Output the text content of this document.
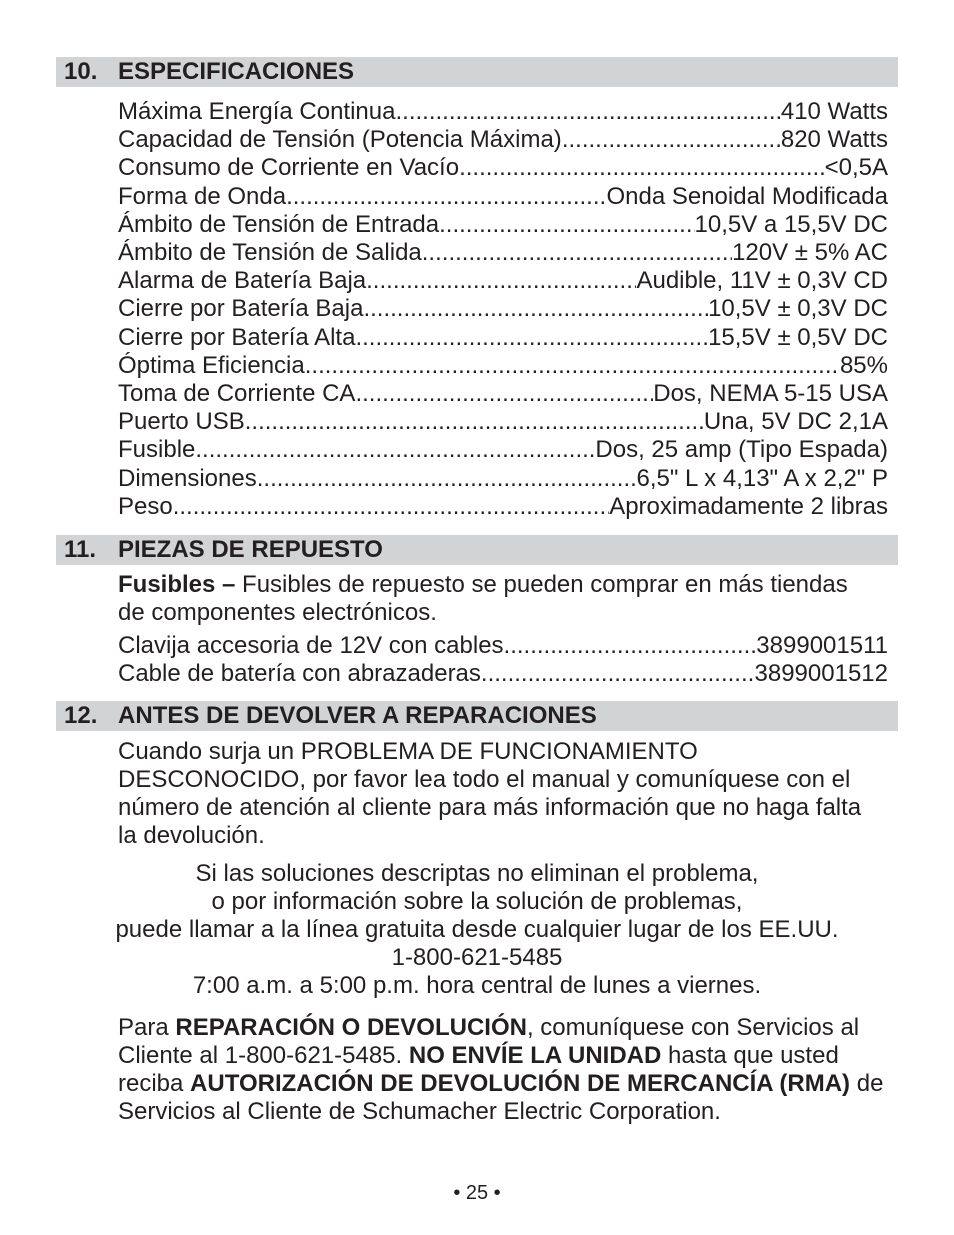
10. ESPECIFICACIONES
Máxima Energía Continua .....	410 Watts
Capacidad de Tensión (Potencia Máxima) .....	820 Watts
Consumo de Corriente en Vacío .....	<0,5A
Forma de Onda .....	Onda Senoidal Modificada
Ámbito de Tensión de Entrada .....	10,5V a 15,5V DC
Ámbito de Tensión de Salida .....	120V ± 5% AC
Alarma de Batería Baja .....	Audible, 11V ± 0,3V CD
Cierre por Batería Baja .....	10,5V ± 0,3V DC
Cierre por Batería Alta .....	15,5V ± 0,5V DC
Óptima Eficiencia .....	85%
Toma de Corriente CA .....	Dos, NEMA 5-15 USA
Puerto USB .....	Una, 5V DC 2,1A
Fusible .....	Dos, 25 amp (Tipo Espada)
Dimensiones .....	6,5" L x 4,13" A x 2,2" P
Peso .....	Aproximadamente 2 libras
11. PIEZAS DE REPUESTO
Fusibles – Fusibles de repuesto se pueden comprar en más tiendas de componentes electrónicos.
Clavija accesoria de 12V con cables .....	3899001511
Cable de batería con abrazaderas .....	3899001512
12. ANTES DE DEVOLVER A REPARACIONES
Cuando surja un PROBLEMA DE FUNCIONAMIENTO DESCONOCIDO, por favor lea todo el manual y comuníquese con el número de atención al cliente para más información que no haga falta la devolución.
Si las soluciones descriptas no eliminan el problema,
o por información sobre la solución de problemas,
puede llamar a la línea gratuita desde cualquier lugar de los EE.UU.
1-800-621-5485
7:00 a.m. a 5:00 p.m. hora central de lunes a viernes.
Para REPARACIÓN O DEVOLUCIÓN, comuníquese con Servicios al Cliente al 1-800-621-5485. NO ENVÍE LA UNIDAD hasta que usted reciba AUTORIZACIÓN DE DEVOLUCIÓN DE MERCANCÍA (RMA) de Servicios al Cliente de Schumacher Electric Corporation.
• 25 •
